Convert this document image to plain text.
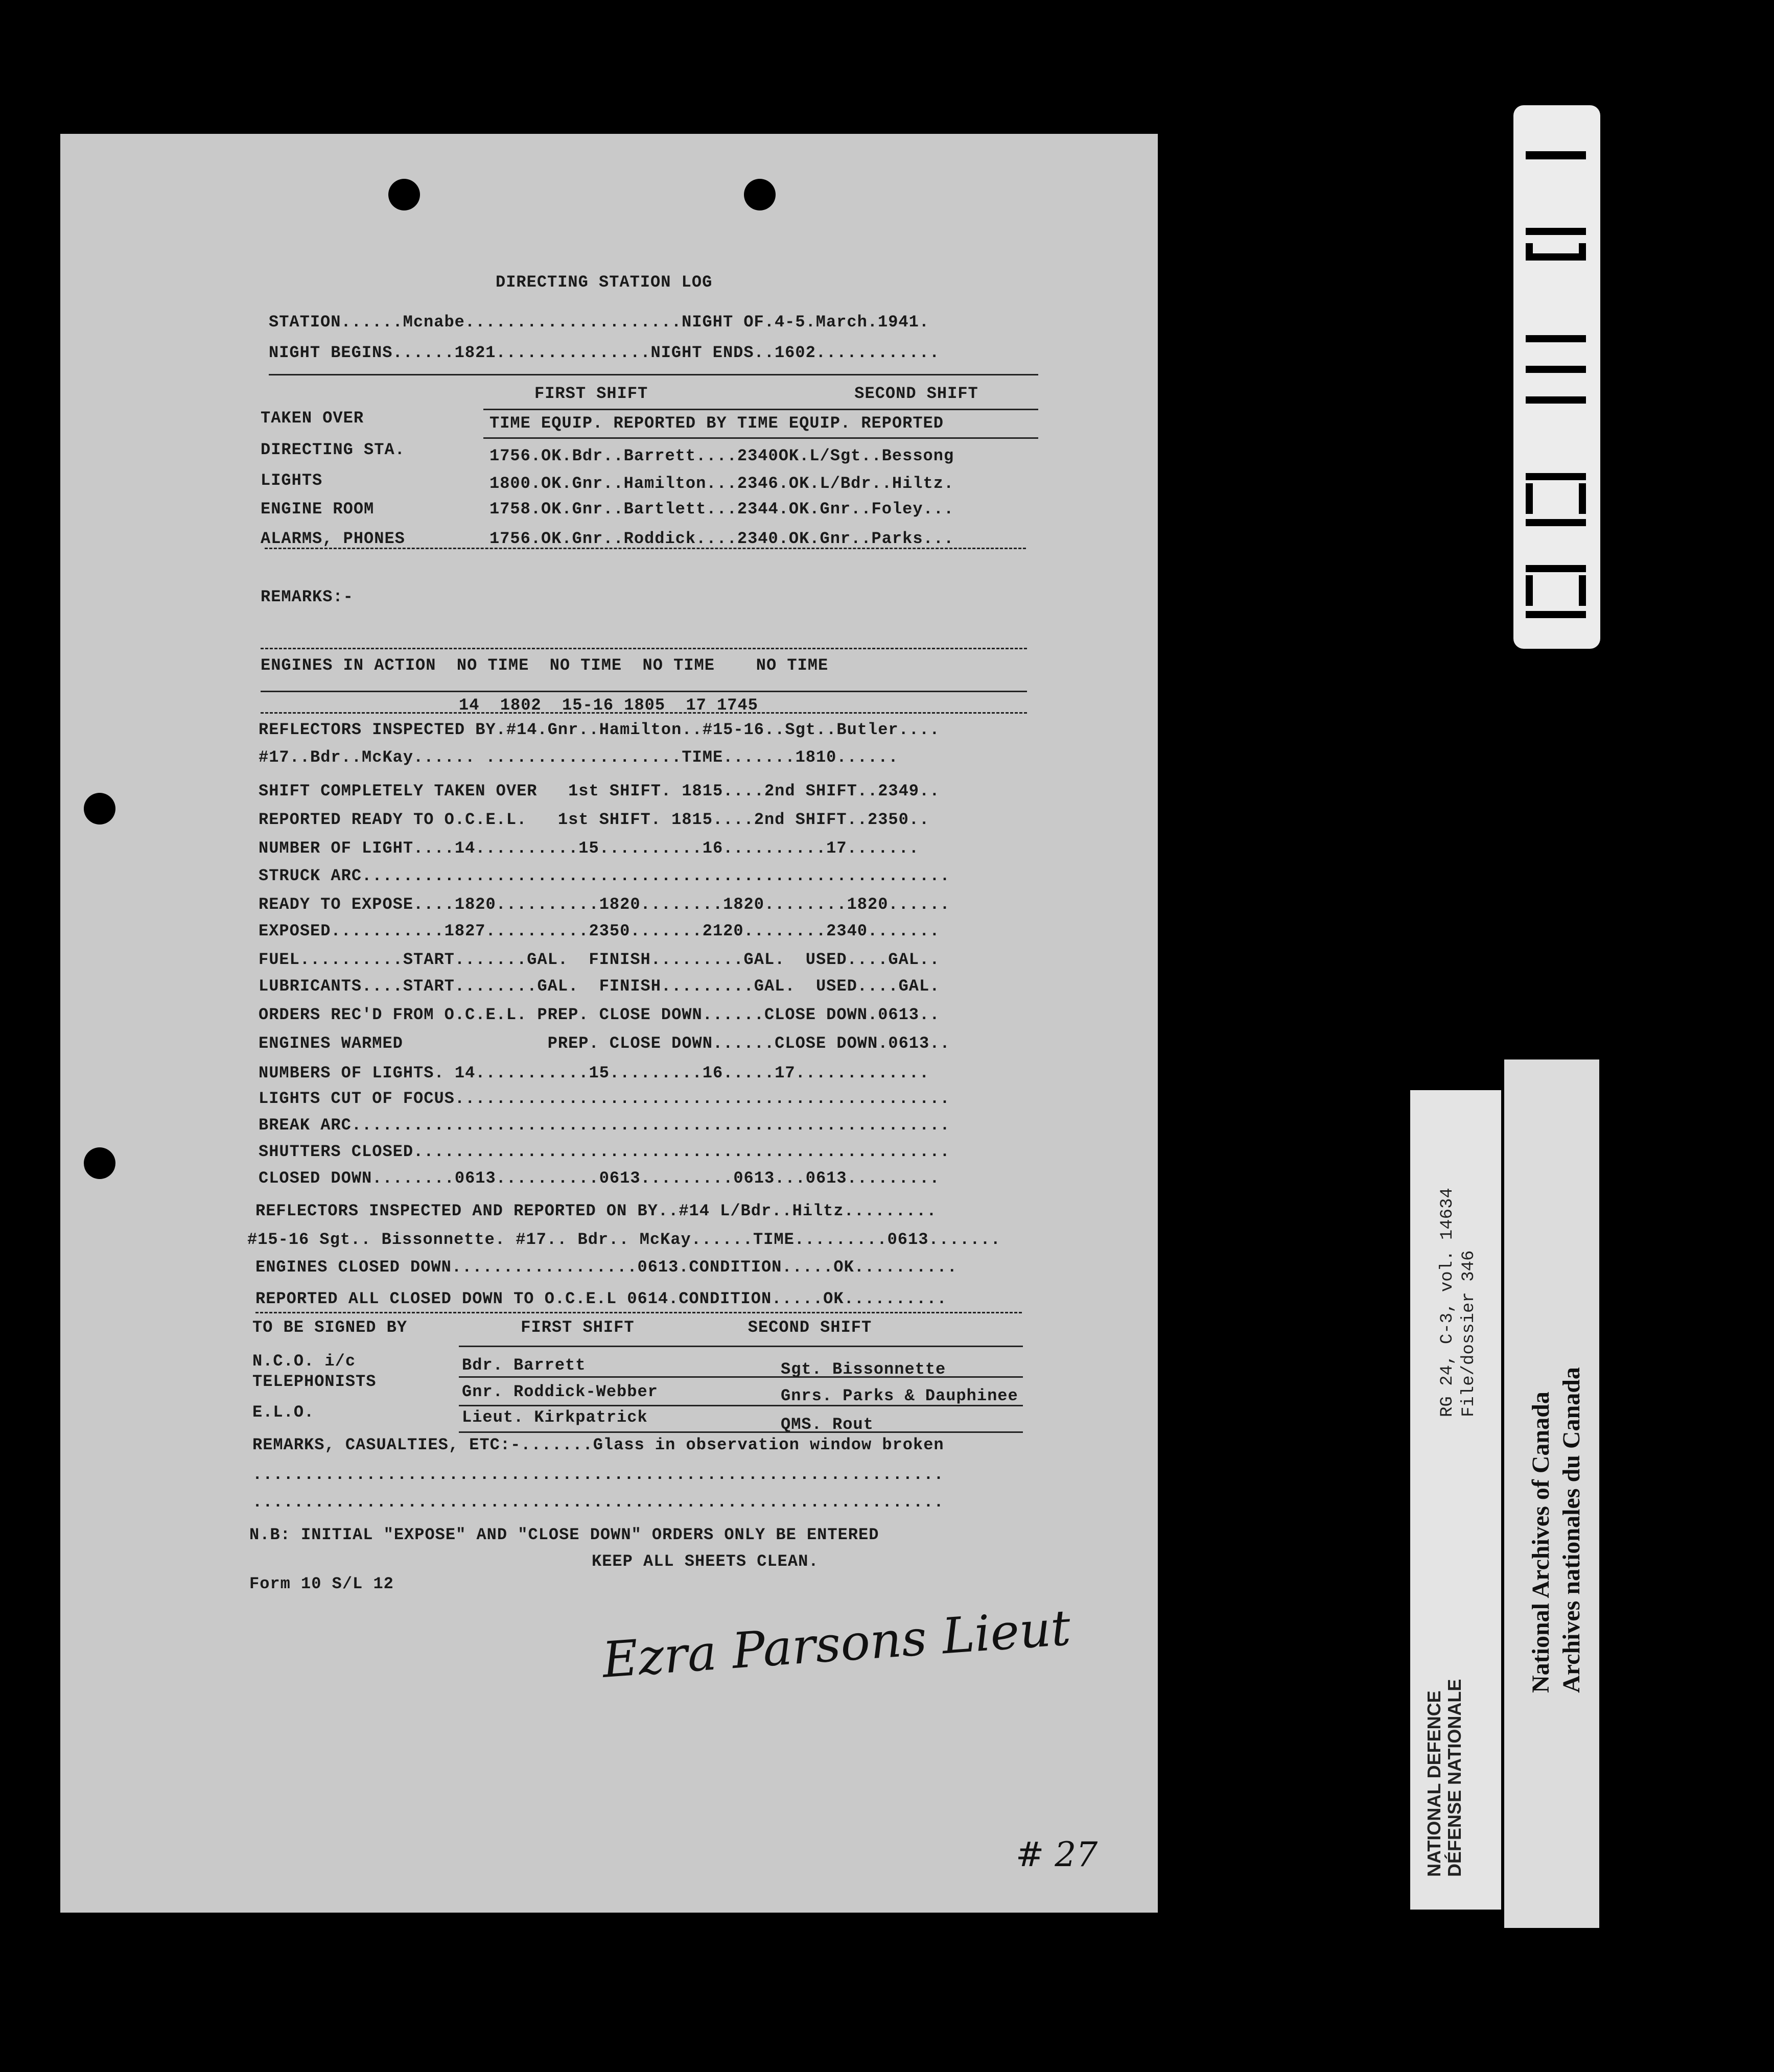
DIRECTING STATION LOG
STATION......Mcnabe.....................NIGHT OF.4-5.March.1941.
NIGHT BEGINS......1821...............NIGHT ENDS..1602............
FIRST SHIFT                    SECOND SHIFT
TAKEN OVER	TIME EQUIP. REPORTED BY TIME EQUIP. REPORTED
DIRECTING STA.	1756.OK.Bdr..Barrett....2340OK.L/Sgt..Bessong
LIGHTS	1800.OK.Gnr..Hamilton...2346.OK.L/Bdr..Hiltz.
ENGINE ROOM	1758.OK.Gnr..Bartlett...2344.OK.Gnr..Foley...
ALARMS, PHONES	1756.OK.Gnr..Roddick....2340.OK.Gnr..Parks...
REMARKS:-
ENGINES IN ACTION  NO TIME  NO TIME  NO TIME    NO TIME
14  1802  15-16 1805  17 1745
REFLECTORS INSPECTED BY.#14.Gnr..Hamilton..#15-16..Sgt..Butler....
#17..Bdr..McKay...... ...................TIME.......1810......
SHIFT COMPLETELY TAKEN OVER   1st SHIFT. 1815....2nd SHIFT..2349..
REPORTED READY TO O.C.E.L.   1st SHIFT. 1815....2nd SHIFT..2350..
NUMBER OF LIGHT....14..........15..........16..........17.......
STRUCK ARC.........................................................
READY TO EXPOSE....1820..........1820........1820........1820......
EXPOSED...........1827..........2350.......2120........2340.......
FUEL..........START.......GAL.  FINISH.........GAL.  USED....GAL..
LUBRICANTS....START........GAL.  FINISH.........GAL.  USED....GAL.
ORDERS REC'D FROM O.C.E.L. PREP. CLOSE DOWN......CLOSE DOWN.0613..
ENGINES WARMED              PREP. CLOSE DOWN......CLOSE DOWN.0613..
NUMBERS OF LIGHTS. 14...........15.........16.....17.............
LIGHTS CUT OF FOCUS................................................
BREAK ARC..........................................................
SHUTTERS CLOSED....................................................
CLOSED DOWN........0613..........0613.........0613...0613.........
REFLECTORS INSPECTED AND REPORTED ON BY..#14 L/Bdr..Hiltz.........
#15-16 Sgt.. Bissonnette. #17.. Bdr.. McKay......TIME.........0613.......
ENGINES CLOSED DOWN..................0613.CONDITION.....OK..........
REPORTED ALL CLOSED DOWN TO O.C.E.L 0614.CONDITION.....OK..........
TO BE SIGNED BY           FIRST SHIFT           SECOND SHIFT
N.C.O. i/c	Bdr. Barrett	Sgt. Bissonnette
TELEPHONISTS
Gnr. Roddick-Webber	Gnrs. Parks & Dauphinee
E.L.O.	Lieut. Kirkpatrick	QMS. Rout
REMARKS, CASUALTIES, ETC:-.......Glass in observation window broken
...................................................................
...................................................................
N.B: INITIAL "EXPOSE" AND "CLOSE DOWN" ORDERS ONLY BE ENTERED
KEEP ALL SHEETS CLEAN.
Form 10 S/L 12
Ezra Parsons Lieut
# 27	NATIONAL DEFENCE DÉFENSE NATIONALE
RG 24, C-3, vol. 14634 File/dossier 346
National Archives of Canada Archives nationales du Canada
